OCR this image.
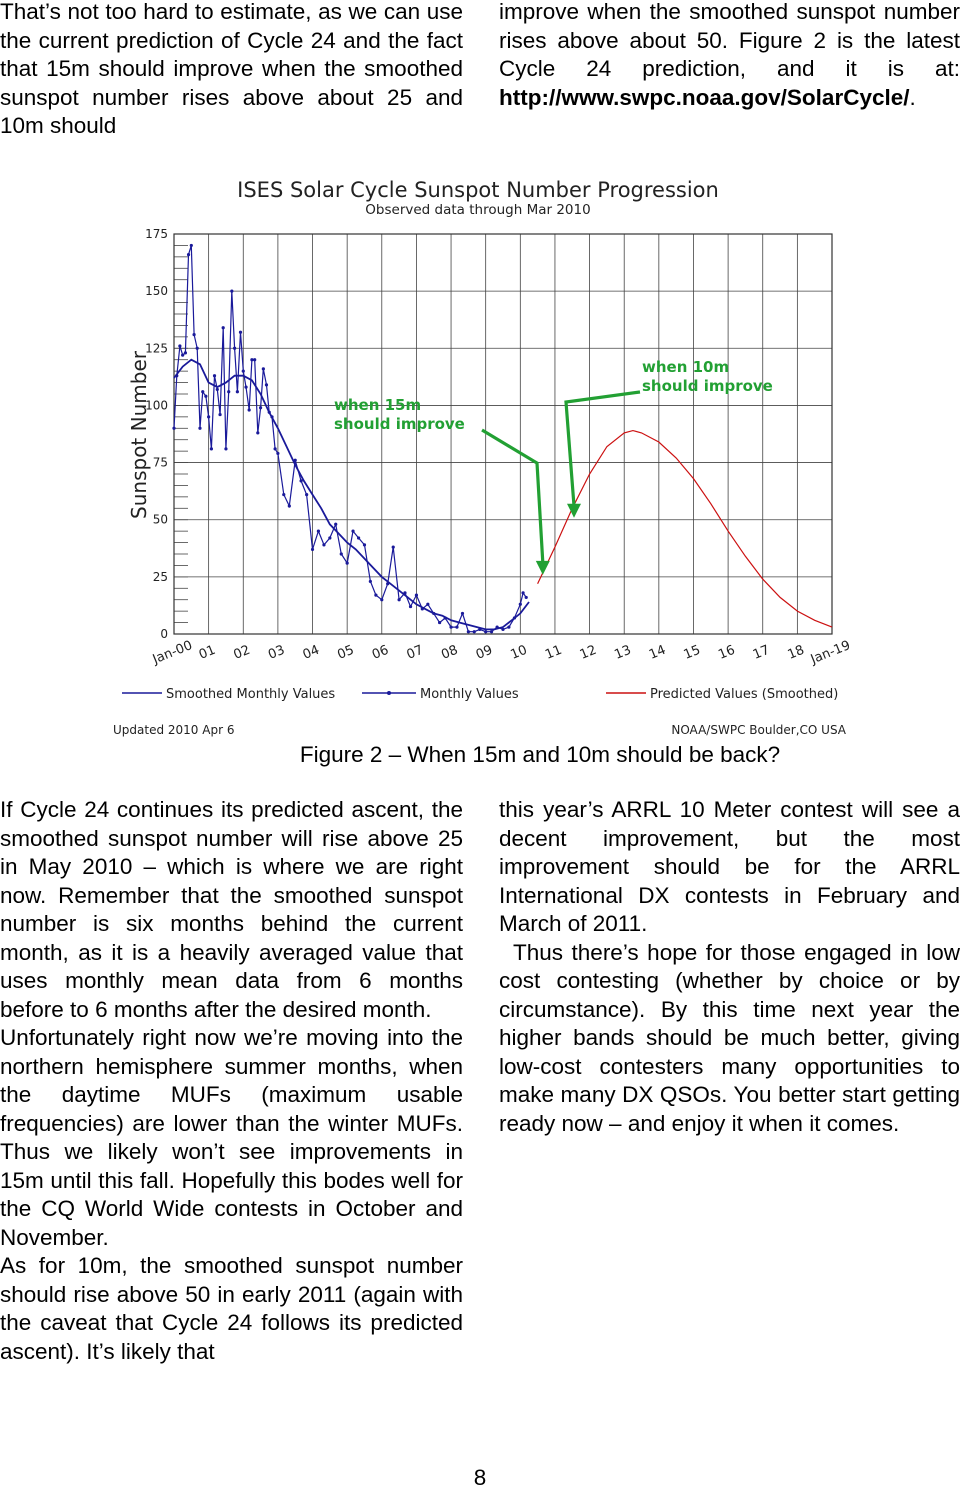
That’s not too hard to estimate, as we can use the current prediction of Cycle 24 and the fact that 15m should improve when the smoothed sunspot number rises above about 25 and 10m should

improve when the smoothed sunspot number rises above about 50. Figure 2 is the latest Cycle 24 prediction, and it is at: http://www.swpc.noaa.gov/SolarCycle/.

ISES Solar Cycle Sunspot Number Progression
Observed data through Mar 2010
Sunspot Number
0
25
50
75
100
125
150
175
Jan-00 01 02 03 04 05 06 07 08 09 10 11 12 13 14 15 16 17 18 Jan-19
when 15m
should improve
when 10m
should improve
Smoothed Monthly Values	Monthly Values	Predicted Values (Smoothed)
Updated 2010 Apr 6	NOAA/SWPC Boulder,CO USA
Figure 2 – When 15m and 10m should be back?

If Cycle 24 continues its predicted ascent, the smoothed sunspot number will rise above 25 in May 2010 – which is where we are right now. Remember that the smoothed sunspot number is six months behind the current month, as it is a heavily averaged value that uses monthly mean data from 6 months before to 6 months after the desired month.

Unfortunately right now we’re moving into the northern hemisphere summer months, when the daytime MUFs (maximum usable frequencies) are lower than the winter MUFs. Thus we likely won’t see improvements in 15m until this fall. Hopefully this bodes well for the CQ World Wide contests in October and November.

As for 10m, the smoothed sunspot number should rise above 50 in early 2011 (again with the caveat that Cycle 24 follows its predicted ascent). It’s likely that

this year’s ARRL 10 Meter contest will see a decent improvement, but the most improvement should be for the ARRL International DX contests in February and March of 2011.

Thus there’s hope for those engaged in low cost contesting (whether by choice or by circumstance). By this time next year the higher bands should be much better, giving low-cost contesters many opportunities to make many DX QSOs. You better start getting ready now – and enjoy it when it comes.

8
